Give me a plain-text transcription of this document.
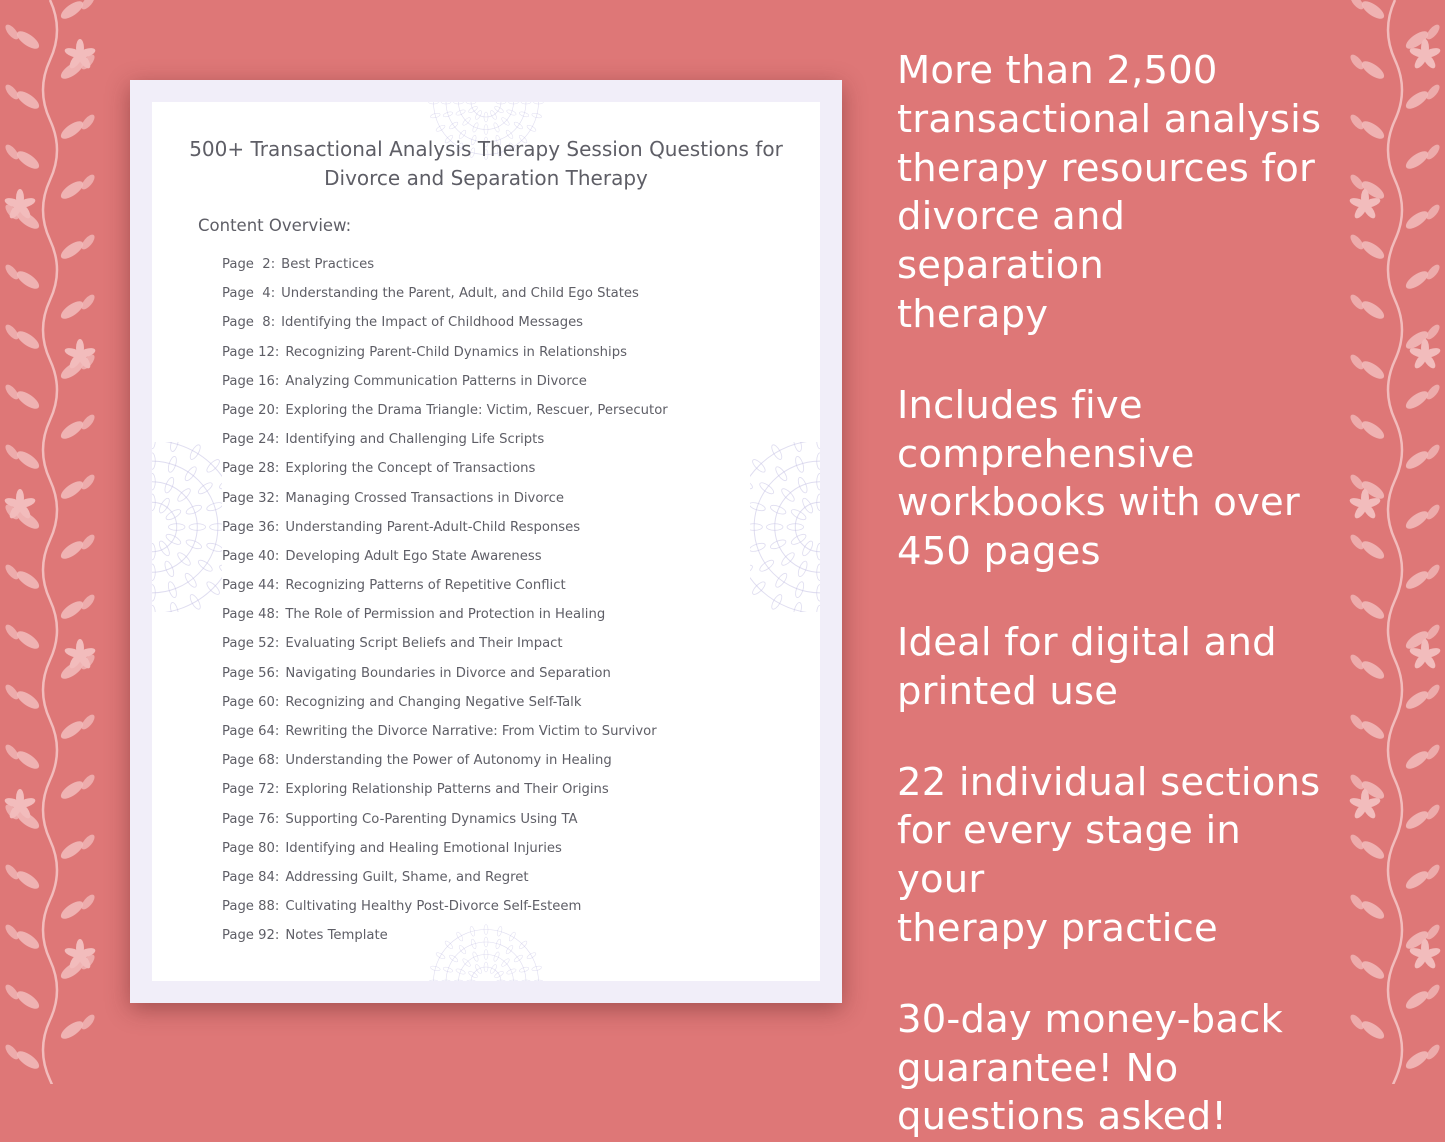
500+ Transactional Analysis Therapy Session Questions for
Divorce and Separation Therapy
Content Overview:
Page  2: Best Practices
Page  4: Understanding the Parent, Adult, and Child Ego States
Page  8: Identifying the Impact of Childhood Messages
Page 12: Recognizing Parent-Child Dynamics in Relationships
Page 16: Analyzing Communication Patterns in Divorce
Page 20: Exploring the Drama Triangle: Victim, Rescuer, Persecutor
Page 24: Identifying and Challenging Life Scripts
Page 28: Exploring the Concept of Transactions
Page 32: Managing Crossed Transactions in Divorce
Page 36: Understanding Parent-Adult-Child Responses
Page 40: Developing Adult Ego State Awareness
Page 44: Recognizing Patterns of Repetitive Conflict
Page 48: The Role of Permission and Protection in Healing
Page 52: Evaluating Script Beliefs and Their Impact
Page 56: Navigating Boundaries in Divorce and Separation
Page 60: Recognizing and Changing Negative Self-Talk
Page 64: Rewriting the Divorce Narrative: From Victim to Survivor
Page 68: Understanding the Power of Autonomy in Healing
Page 72: Exploring Relationship Patterns and Their Origins
Page 76: Supporting Co-Parenting Dynamics Using TA
Page 80: Identifying and Healing Emotional Injuries
Page 84: Addressing Guilt, Shame, and Regret
Page 88: Cultivating Healthy Post-Divorce Self-Esteem
Page 92: Notes Template

More than 2,500
transactional analysis
therapy resources for
divorce and separation
therapy

Includes five
comprehensive
workbooks with over
450 pages

Ideal for digital and
printed use

22 individual sections
for every stage in your
therapy practice

30-day money-back
guarantee! No
questions asked!
